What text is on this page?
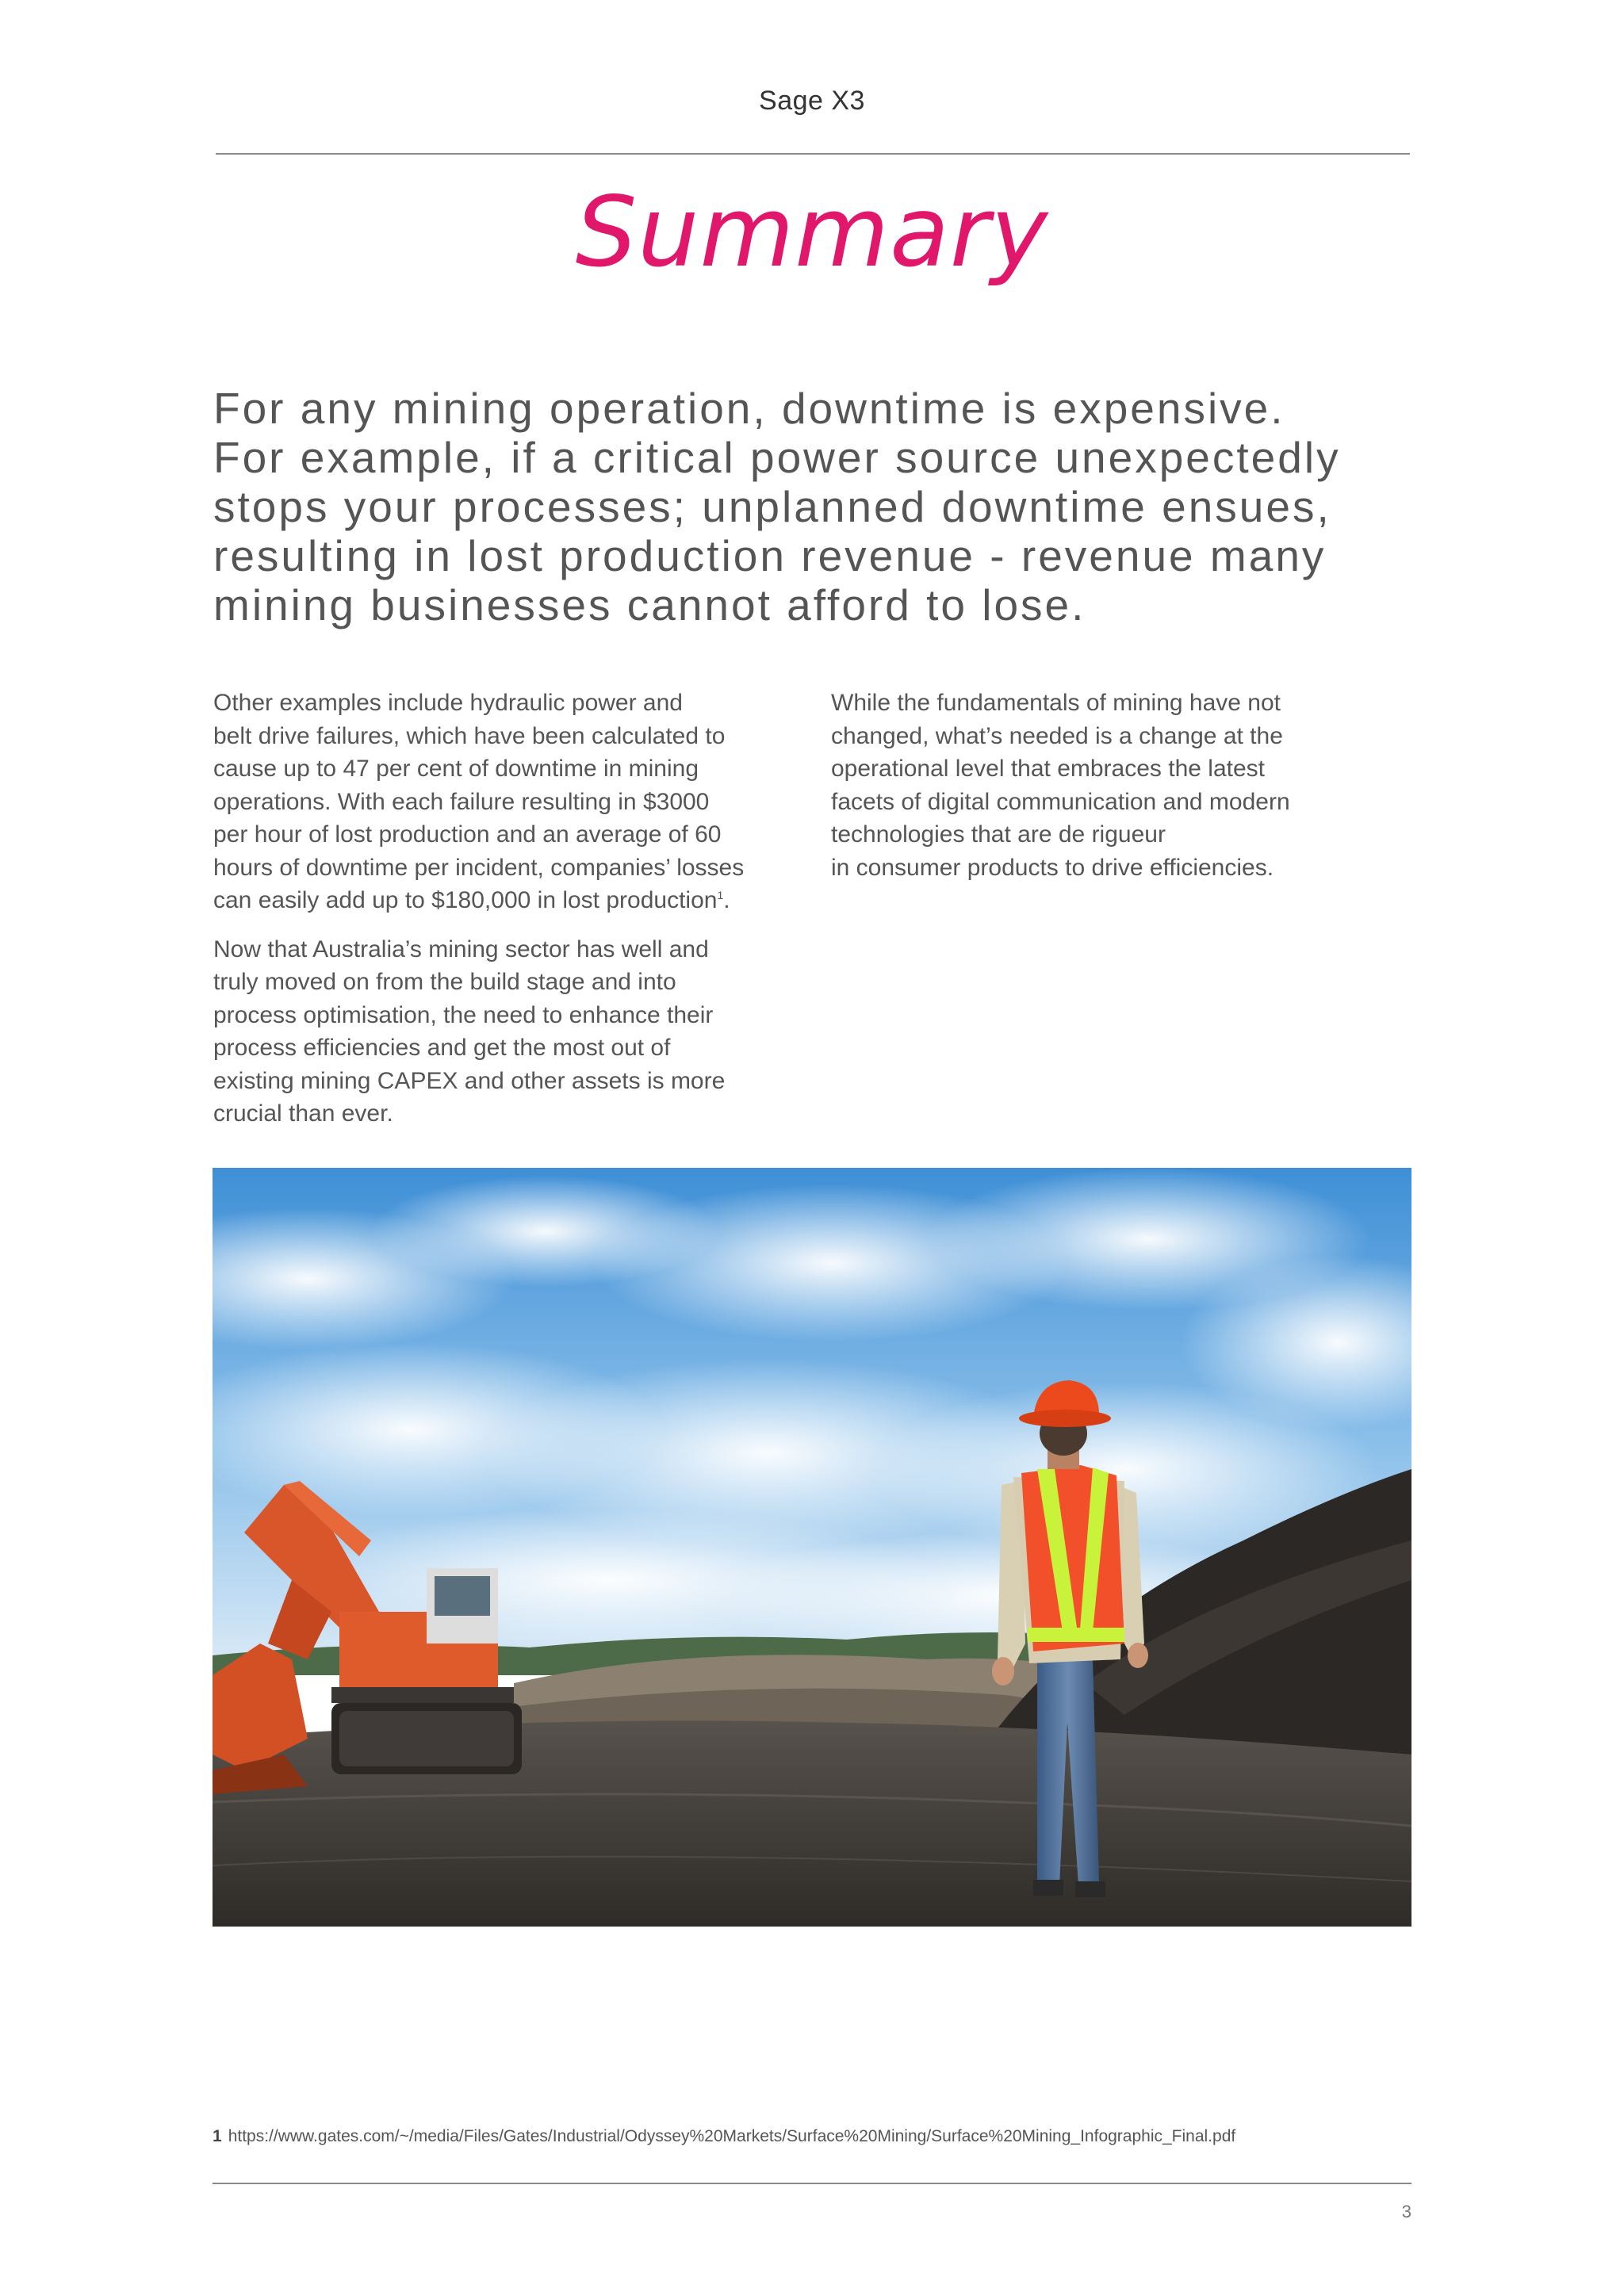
Sage X3
Summary
For any mining operation, downtime is expensive.
For example, if a critical power source unexpectedly
stops your processes; unplanned downtime ensues,
resulting in lost production revenue - revenue many
mining businesses cannot afford to lose.

Other examples include hydraulic power and
belt drive failures, which have been calculated to
cause up to 47 per cent of downtime in mining
operations. With each failure resulting in $3000
per hour of lost production and an average of 60
hours of downtime per incident, companies’ losses
can easily add up to $180,000 in lost production$^1$.

Now that Australia’s mining sector has well and
truly moved on from the build stage and into
process optimisation, the need to enhance their
process efficiencies and get the most out of
existing mining CAPEX and other assets is more
crucial than ever.

While the fundamentals of mining have not
changed, what’s needed is a change at the
operational level that embraces the latest
facets of digital communication and modern
technologies that are de rigueur
in consumer products to drive efficiencies.

1 https://www.gates.com/~/media/Files/Gates/Industrial/Odyssey%20Markets/Surface%20Mining/Surface%20Mining_Infographic_Final.pdf
3
